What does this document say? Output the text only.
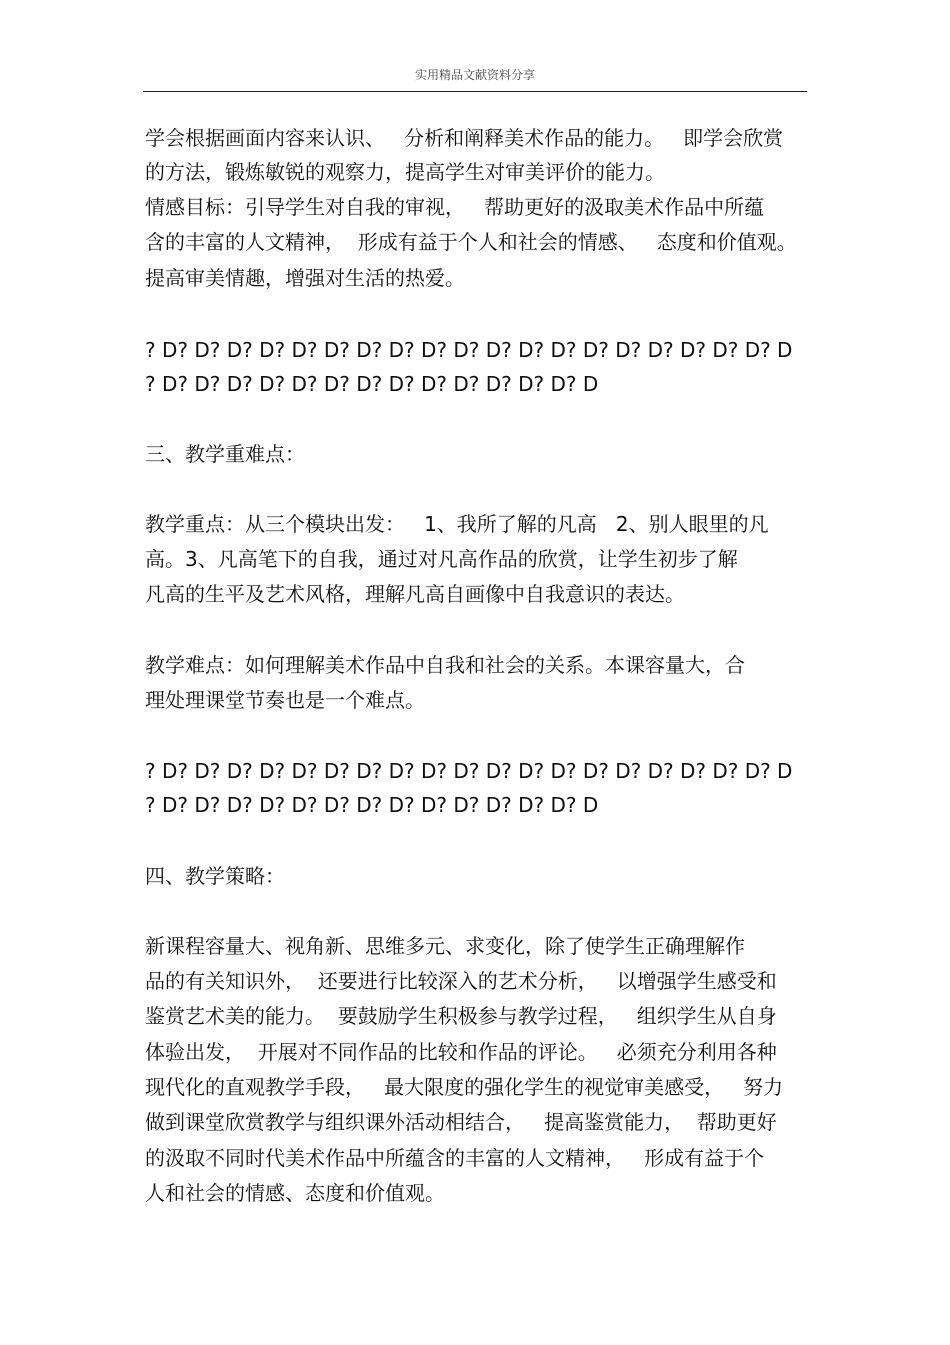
实用精品文献资料分享
学会根据画面内容来认识、   分析和阐释美术作品的能力。   即学会欣赏
的方法，锻炼敏锐的观察力，提高学生对审美评价的能力。
情感目标：引导学生对自我的审视，   帮助更好的汲取美术作品中所蕴
含的丰富的人文精神，  形成有益于个人和社会的情感、   态度和价值观。
提高审美情趣，增强对生活的热爱。
? D? D? D? D? D? D? D? D? D? D? D? D? D? D? D? D? D? D? D? D
? D? D? D? D? D? D? D? D? D? D? D? D? D? D
三、教学重难点：
教学重点：从三个模块出发：   1、我所了解的凡高   2、别人眼里的凡
高。3、凡高笔下的自我，通过对凡高作品的欣赏，让学生初步了解
凡高的生平及艺术风格，理解凡高自画像中自我意识的表达。
教学难点：如何理解美术作品中自我和社会的关系。本课容量大，合
理处理课堂节奏也是一个难点。
? D? D? D? D? D? D? D? D? D? D? D? D? D? D? D? D? D? D? D? D
? D? D? D? D? D? D? D? D? D? D? D? D? D? D
四、教学策略：
新课程容量大、视角新、思维多元、求变化，除了使学生正确理解作
品的有关知识外，  还要进行比较深入的艺术分析，   以增强学生感受和
鉴赏艺术美的能力。  要鼓励学生积极参与教学过程，   组织学生从自身
体验出发，  开展对不同作品的比较和作品的评论。   必须充分利用各种
现代化的直观教学手段，   最大限度的强化学生的视觉审美感受，   努力
做到课堂欣赏教学与组织课外活动相结合，   提高鉴赏能力，  帮助更好
的汲取不同时代美术作品中所蕴含的丰富的人文精神，   形成有益于个
人和社会的情感、态度和价值观。
